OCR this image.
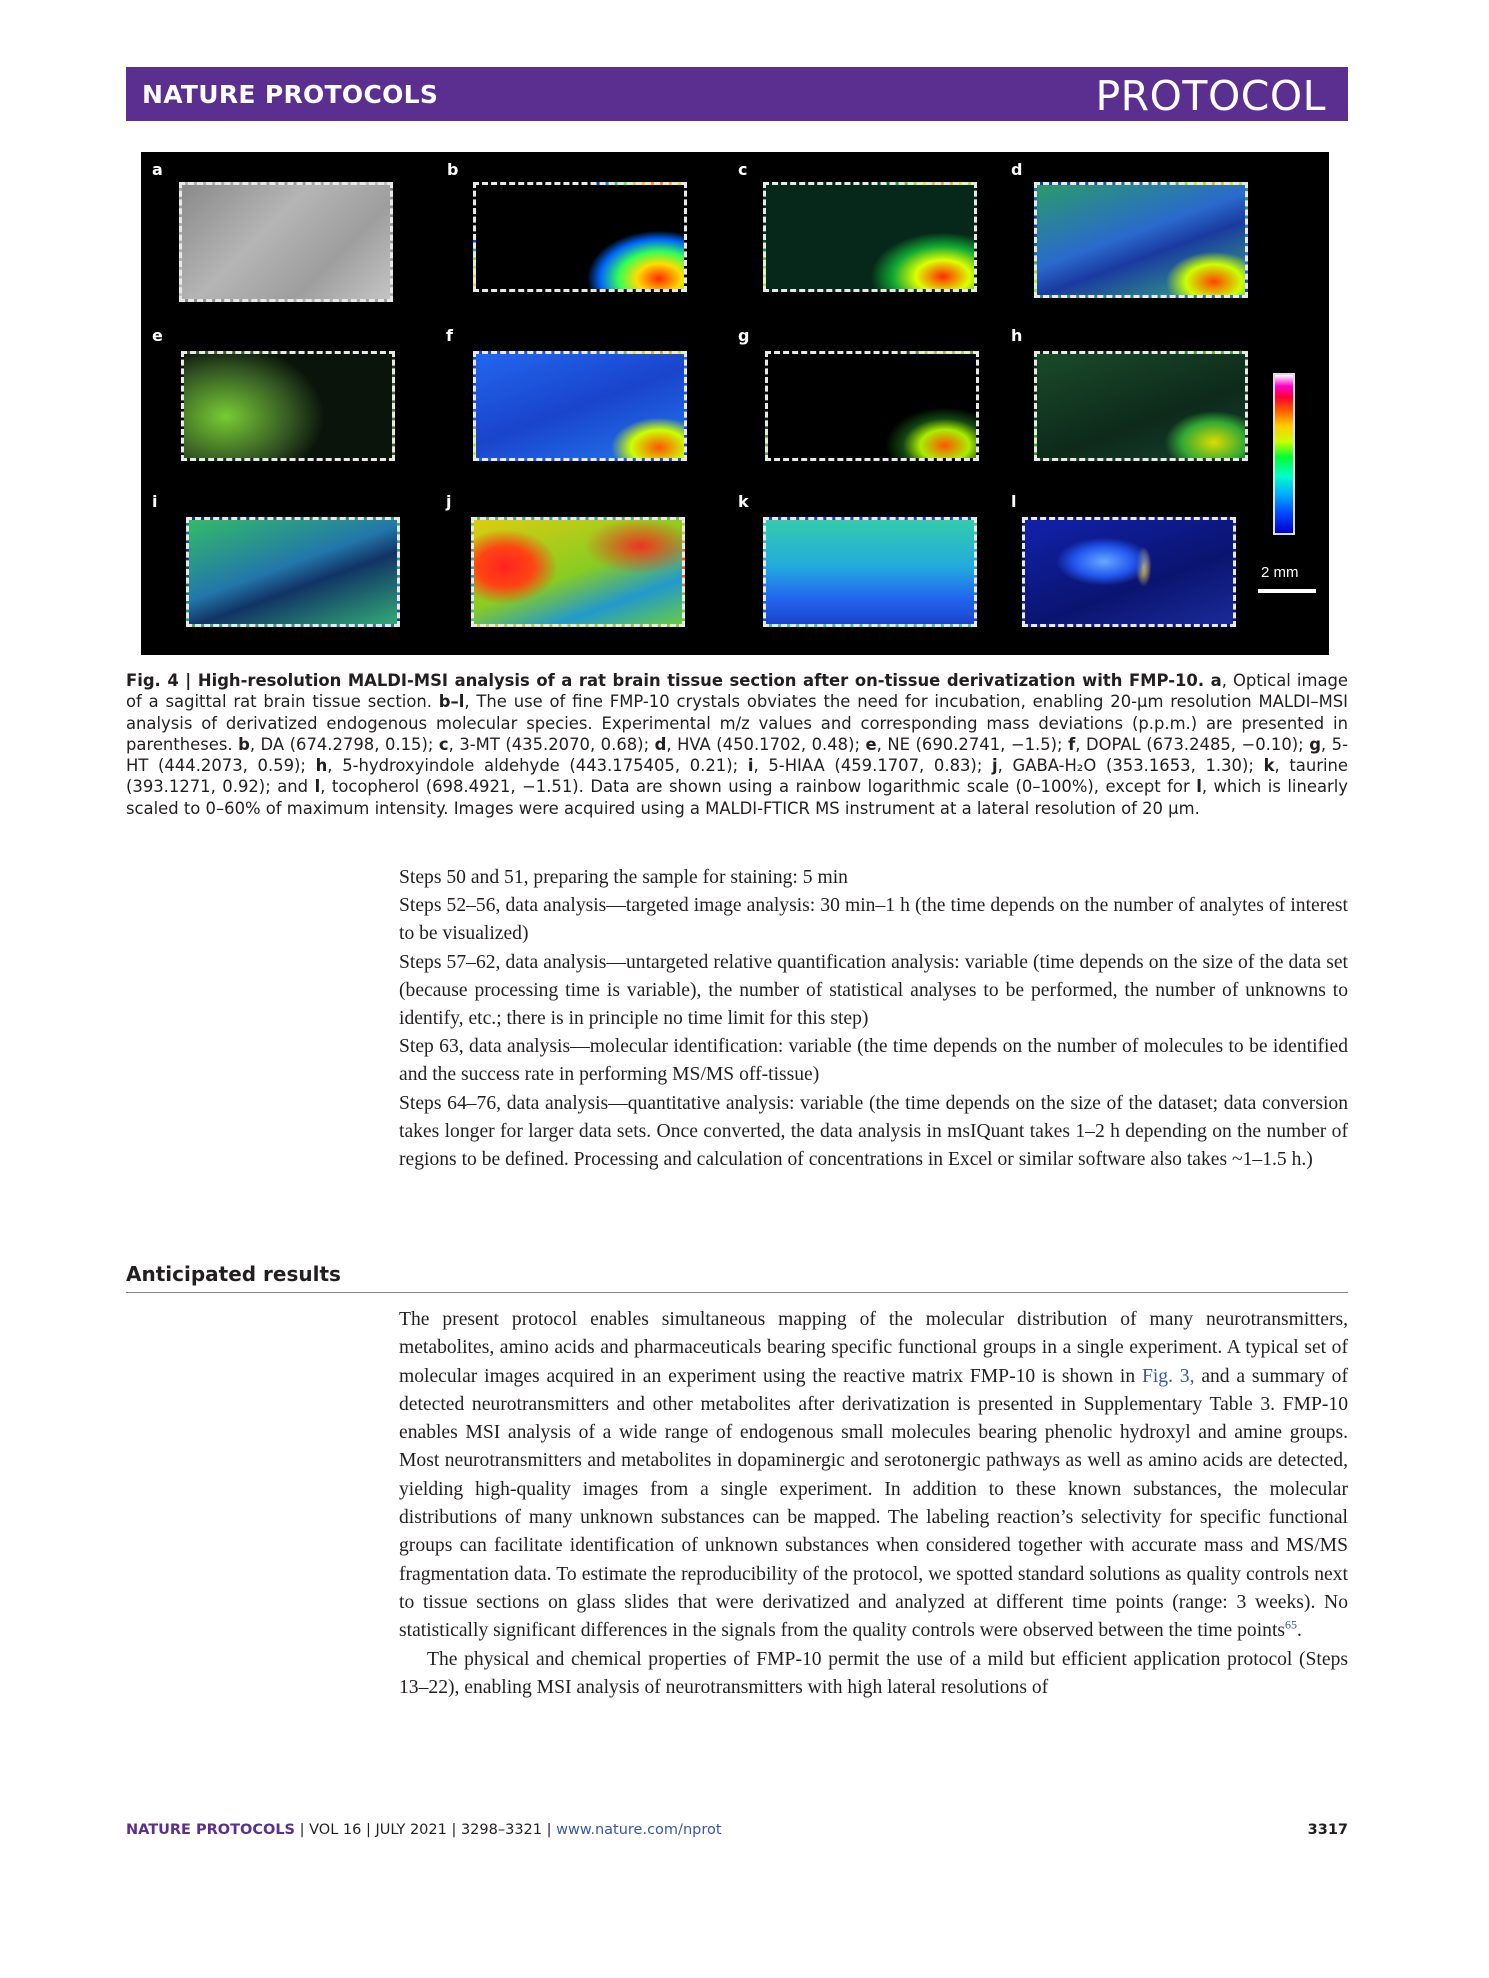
NATURE PROTOCOLS	PROTOCOL
a	b	c	d
e	f	g	h
i	j	k	l
2 mm
Fig. 4 | High-resolution MALDI-MSI analysis of a rat brain tissue section after on-tissue derivatization with FMP-10. a, Optical image of a sagittal rat brain tissue section. b–l, The use of fine FMP-10 crystals obviates the need for incubation, enabling 20-µm resolution MALDI–MSI analysis of derivatized endogenous molecular species. Experimental m/z values and corresponding mass deviations (p.p.m.) are presented in parentheses. b, DA (674.2798, 0.15); c, 3-MT (435.2070, 0.68); d, HVA (450.1702, 0.48); e, NE (690.2741, −1.5); f, DOPAL (673.2485, −0.10); g, 5-HT (444.2073, 0.59); h, 5-hydroxyindole aldehyde (443.175405, 0.21); i, 5-HIAA (459.1707, 0.83); j, GABA-H₂O (353.1653, 1.30); k, taurine (393.1271, 0.92); and l, tocopherol (698.4921, −1.51). Data are shown using a rainbow logarithmic scale (0–100%), except for l, which is linearly scaled to 0–60% of maximum intensity. Images were acquired using a MALDI-FTICR MS instrument at a lateral resolution of 20 µm.

Steps 50 and 51, preparing the sample for staining: 5 min

Steps 52–56, data analysis—targeted image analysis: 30 min–1 h (the time depends on the number of analytes of interest to be visualized)

Steps 57–62, data analysis—untargeted relative quantification analysis: variable (time depends on the size of the data set (because processing time is variable), the number of statistical analyses to be performed, the number of unknowns to identify, etc.; there is in principle no time limit for this step)

Step 63, data analysis—molecular identification: variable (the time depends on the number of molecules to be identified and the success rate in performing MS/MS off-tissue)

Steps 64–76, data analysis—quantitative analysis: variable (the time depends on the size of the dataset; data conversion takes longer for larger data sets. Once converted, the data analysis in msIQuant takes 1–2 h depending on the number of regions to be defined. Processing and calculation of concentrations in Excel or similar software also takes ~1–1.5 h.)

Anticipated results

The present protocol enables simultaneous mapping of the molecular distribution of many neurotransmitters, metabolites, amino acids and pharmaceuticals bearing specific functional groups in a single experiment. A typical set of molecular images acquired in an experiment using the reactive matrix FMP-10 is shown in Fig. 3, and a summary of detected neurotransmitters and other metabolites after derivatization is presented in Supplementary Table 3. FMP-10 enables MSI analysis of a wide range of endogenous small molecules bearing phenolic hydroxyl and amine groups. Most neurotransmitters and metabolites in dopaminergic and serotonergic pathways as well as amino acids are detected, yielding high-quality images from a single experiment. In addition to these known substances, the molecular distributions of many unknown substances can be mapped. The labeling reaction’s selectivity for specific functional groups can facilitate identification of unknown substances when considered together with accurate mass and MS/MS fragmentation data. To estimate the reproducibility of the protocol, we spotted standard solutions as quality controls next to tissue sections on glass slides that were derivatized and analyzed at different time points (range: 3 weeks). No statistically significant differences in the signals from the quality controls were observed between the time points$^{65}$.

The physical and chemical properties of FMP-10 permit the use of a mild but efficient application protocol (Steps 13–22), enabling MSI analysis of neurotransmitters with high lateral resolutions of

NATURE PROTOCOLS | VOL 16 | JULY 2021 | 3298–3321 | www.nature.com/nprot	3317
